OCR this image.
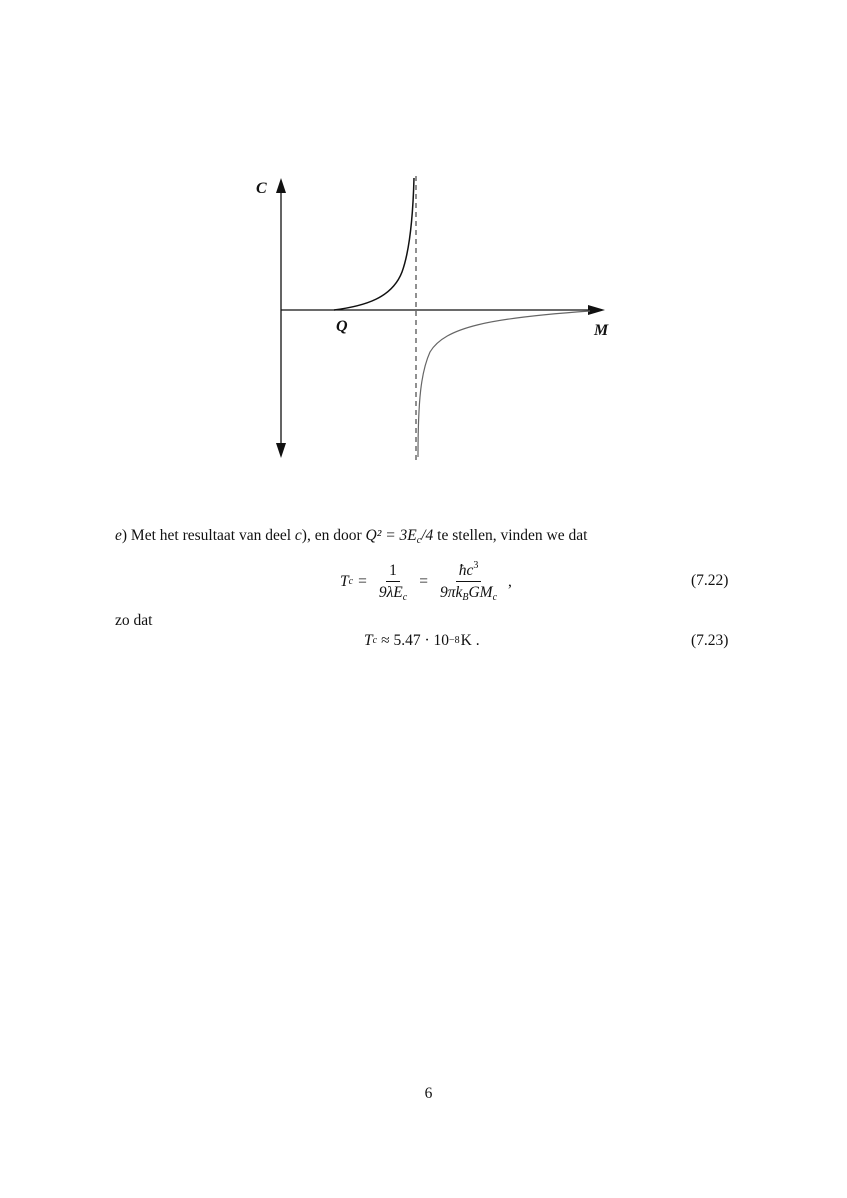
C
M
Q
e) Met het resultaat van deel c), en door $Q^2 = 3E_c/4$ te stellen, vinden we dat
T $c = \frac{1}{9\lambda E_c} = \frac{ħc^3}{9\pi k_BGM_c}$ ,	(7.22)
zo dat
T c ≈ 5.47 · 10 −8 K .	(7.23)
6
